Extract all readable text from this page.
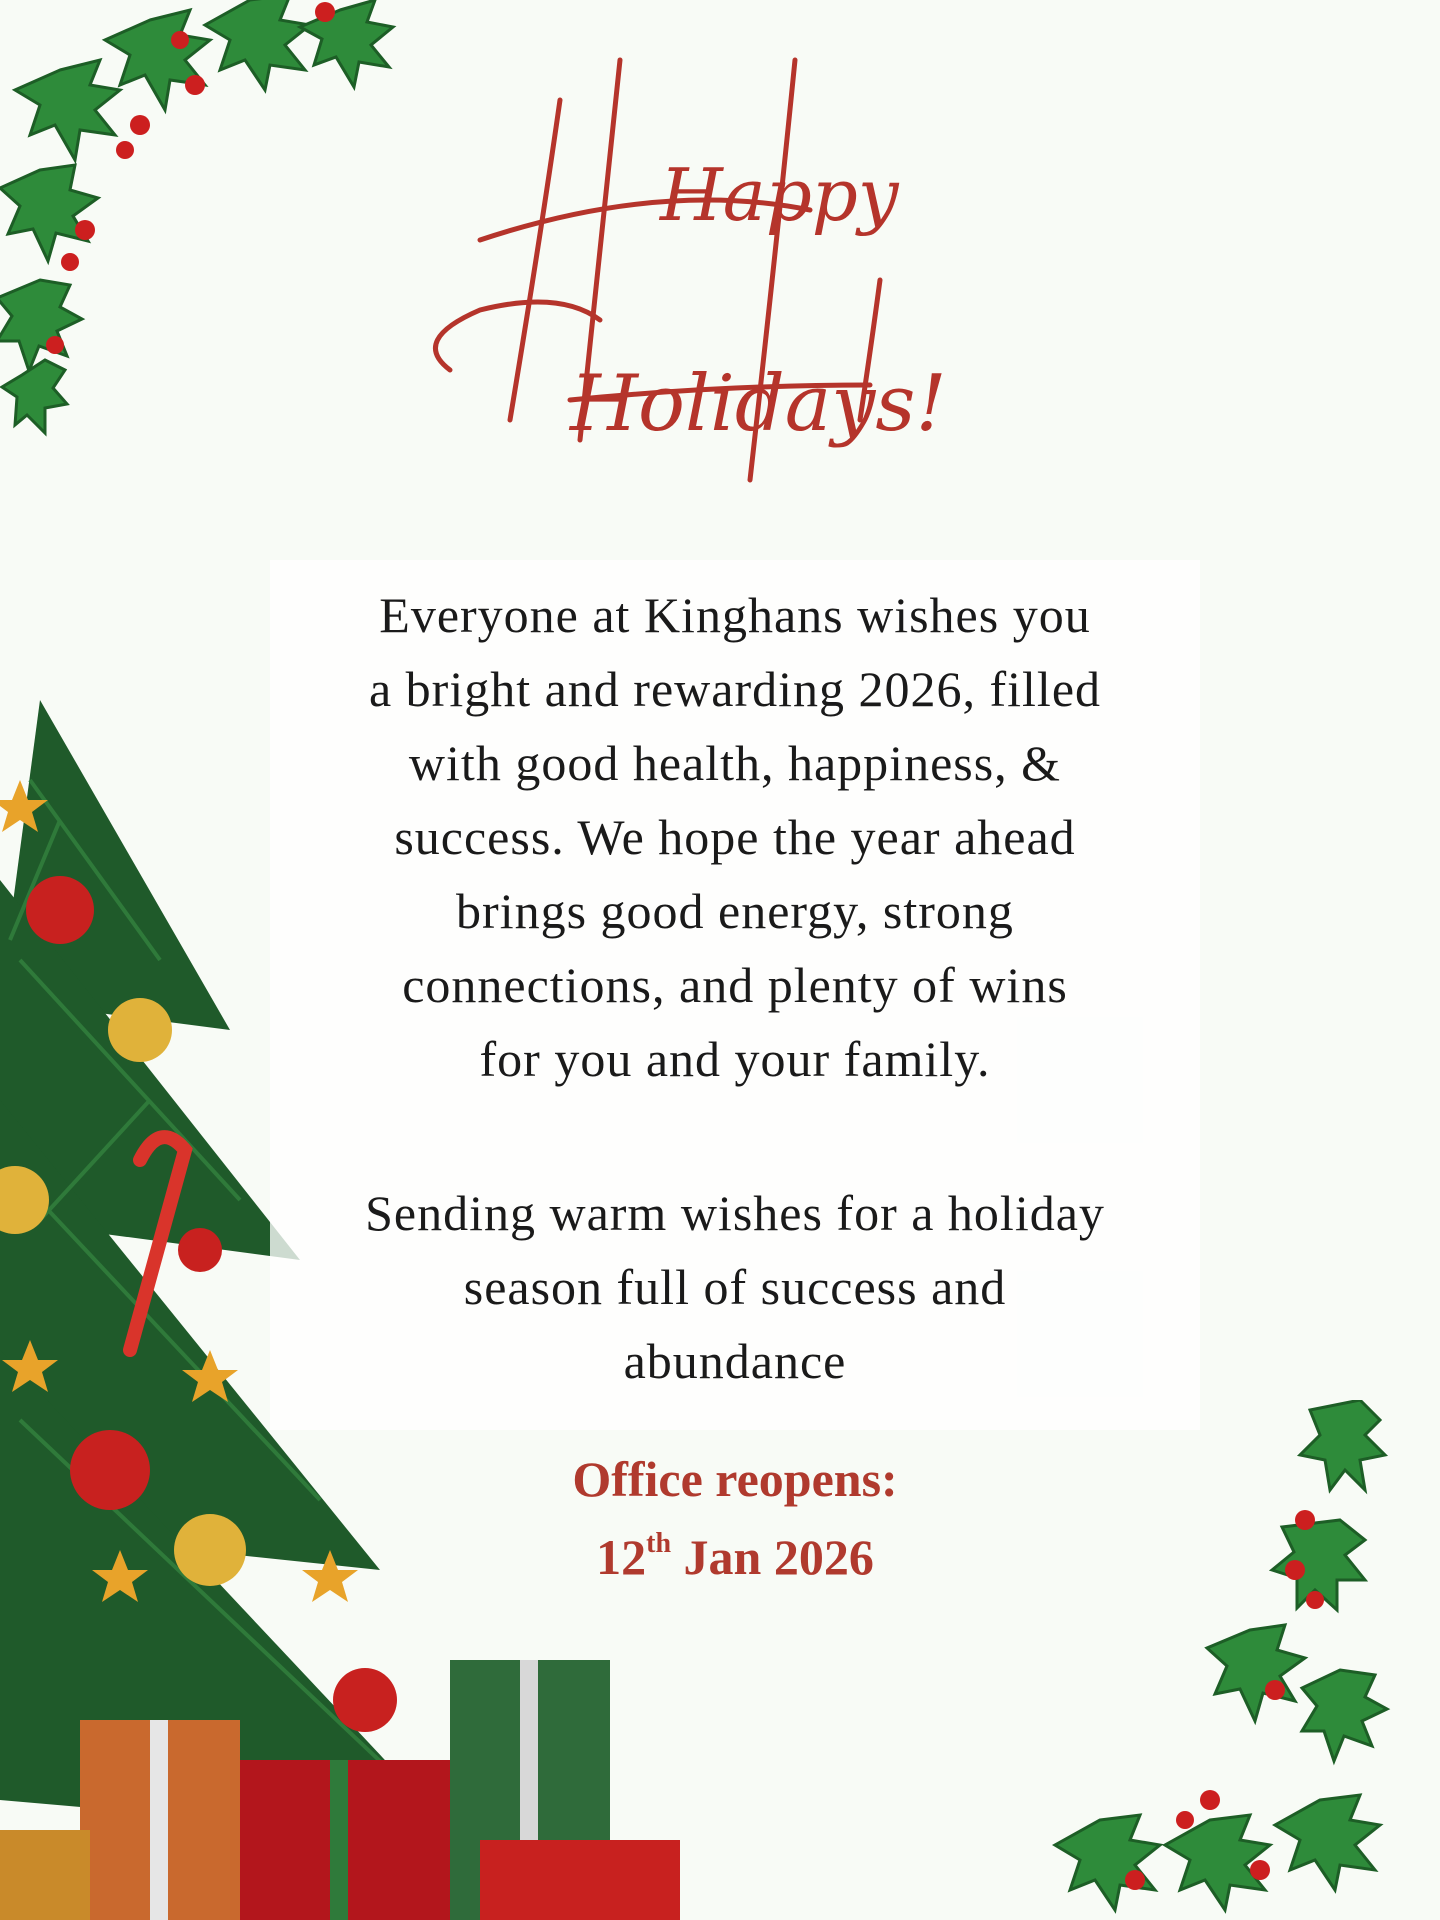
Happy
Holidays!

Everyone at Kinghans wishes you

a bright and rewarding 2026, filled

with good health, happiness, &

success. We hope the year ahead

brings good energy, strong

connections, and plenty of wins

for you and your family.

Sending warm wishes for a holiday

season full of success and

abundance

Office reopens:
12th Jan 2026
